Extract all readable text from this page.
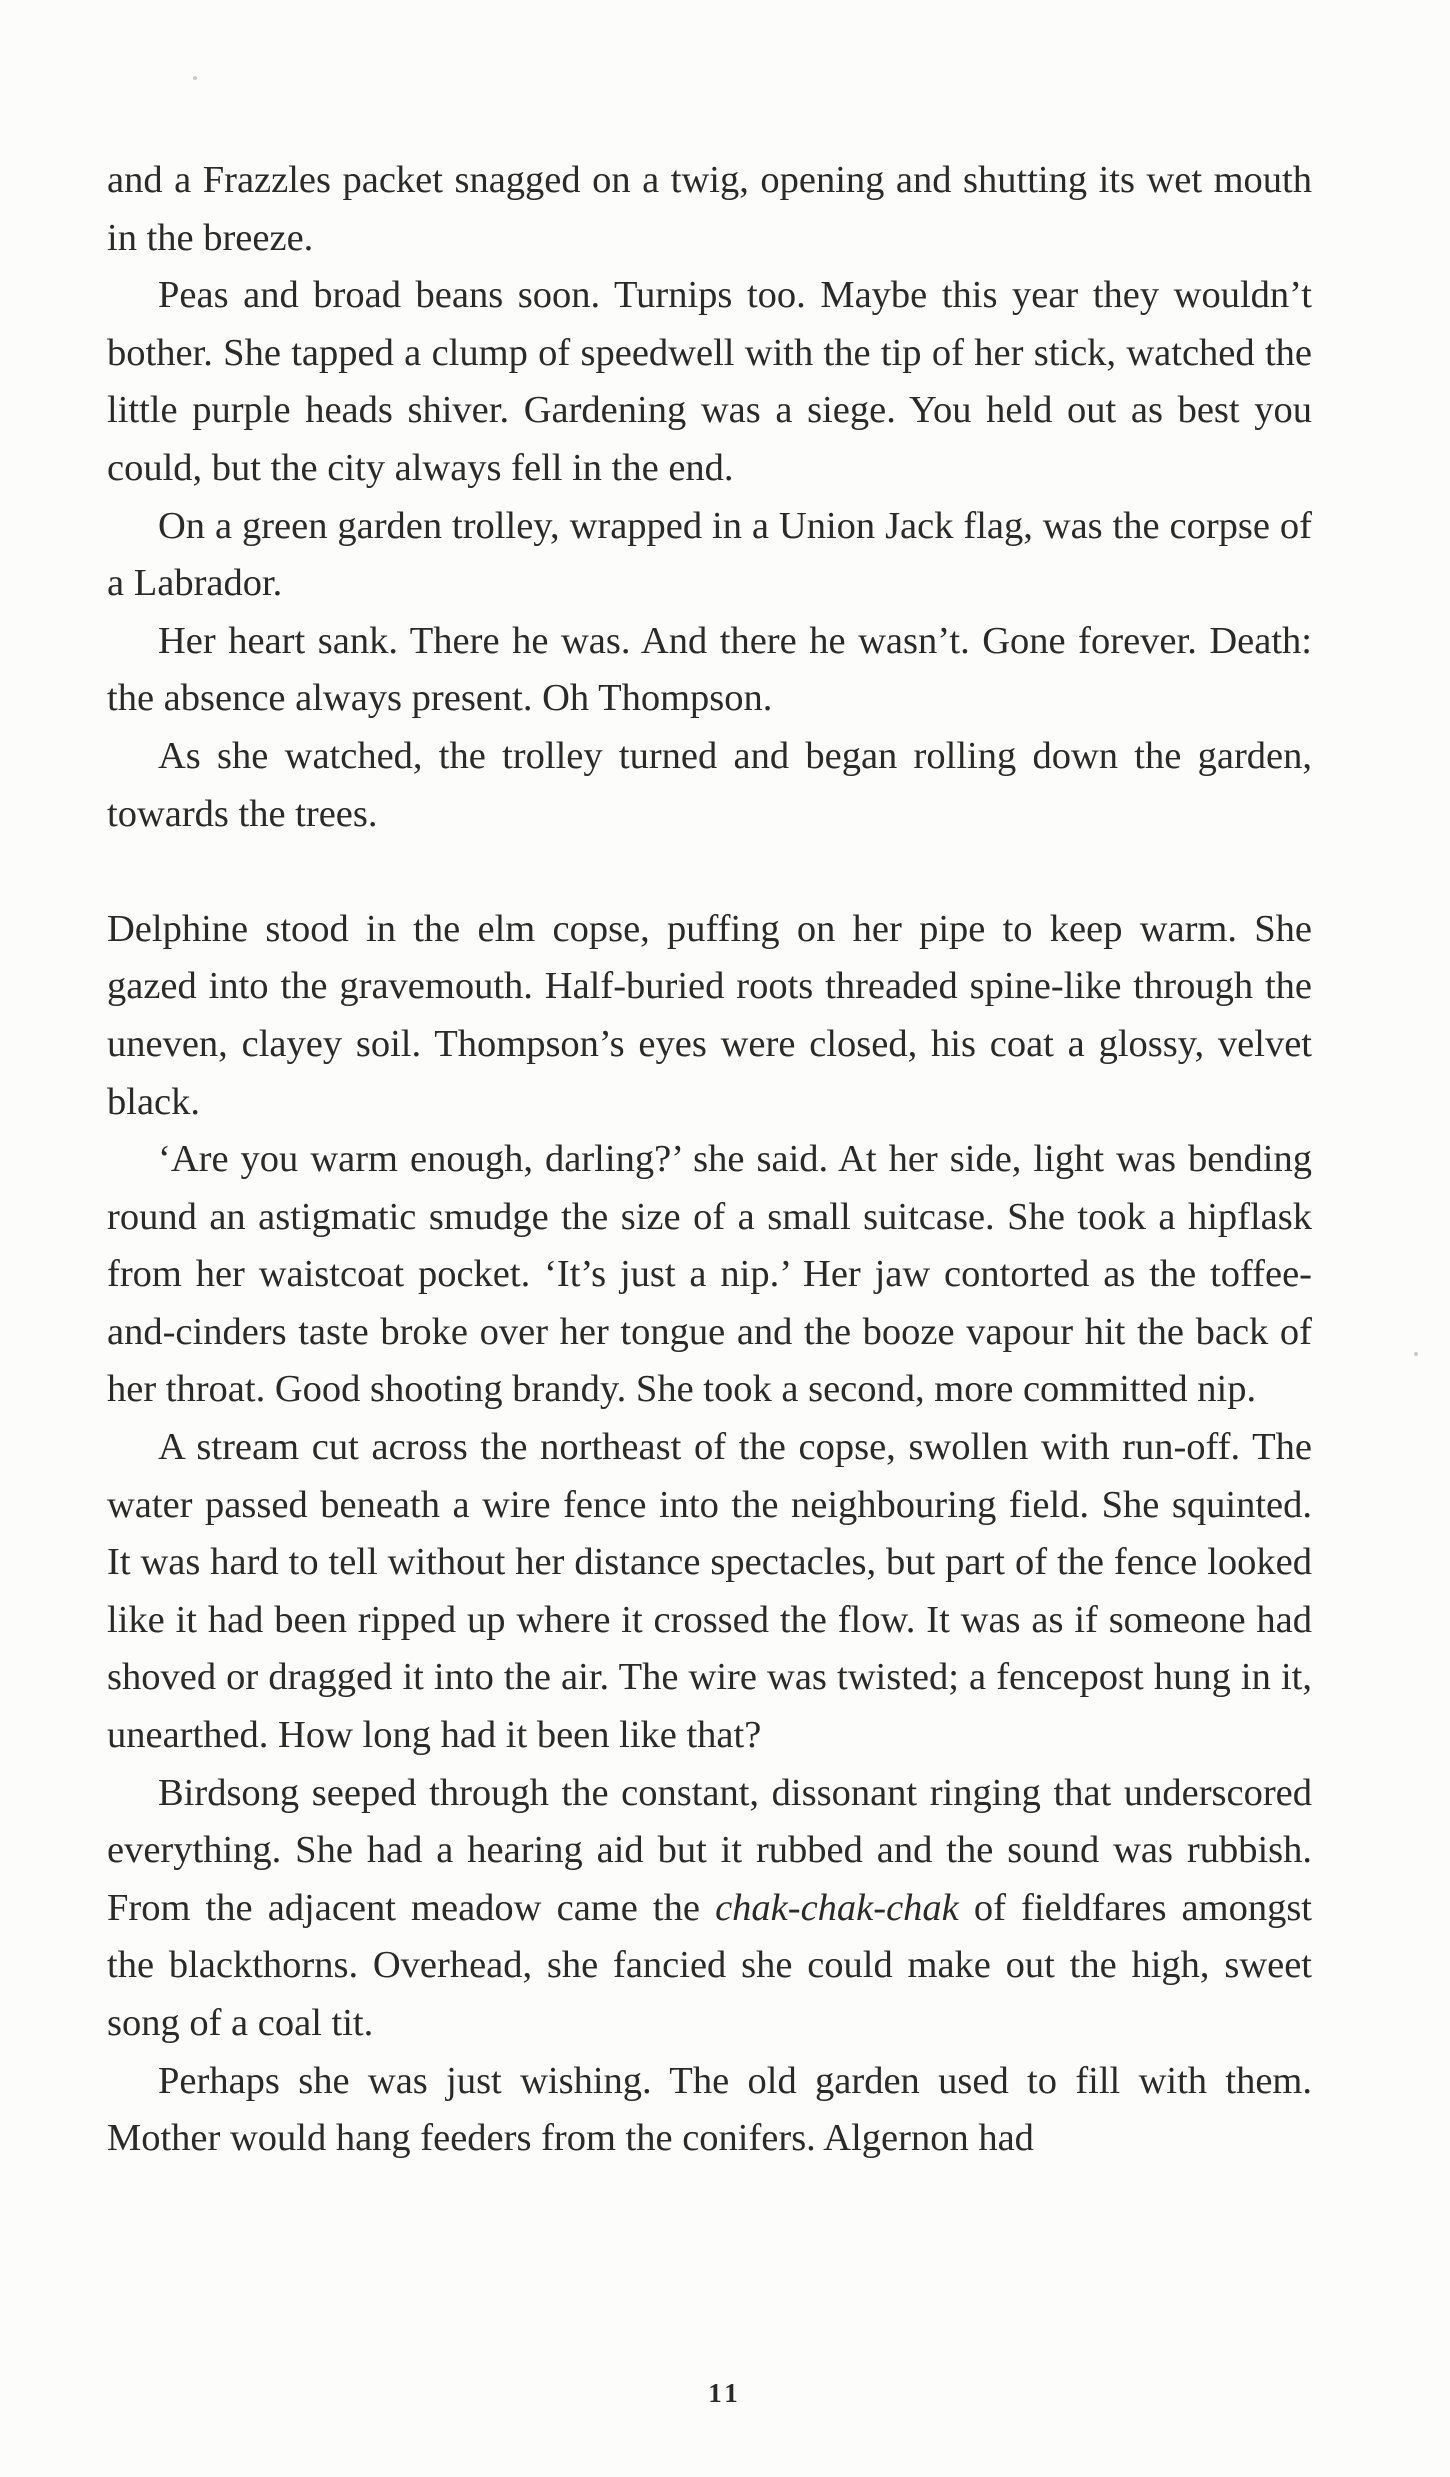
and a Frazzles packet snagged on a twig, opening and shutting its wet mouth in the breeze.

Peas and broad beans soon. Turnips too. Maybe this year they wouldn’t bother. She tapped a clump of speedwell with the tip of her stick, watched the little purple heads shiver. Gardening was a siege. You held out as best you could, but the city always fell in the end.

On a green garden trolley, wrapped in a Union Jack flag, was the corpse of a Labrador.

Her heart sank. There he was. And there he wasn’t. Gone forever. Death: the absence always present. Oh Thompson.

As she watched, the trolley turned and began rolling down the garden, towards the trees.

Delphine stood in the elm copse, puffing on her pipe to keep warm. She gazed into the gravemouth. Half-buried roots threaded spine-like through the uneven, clayey soil. Thompson’s eyes were closed, his coat a glossy, velvet black.

‘Are you warm enough, darling?’ she said. At her side, light was bending round an astigmatic smudge the size of a small suitcase. She took a hipflask from her waistcoat pocket. ‘It’s just a nip.’ Her jaw contorted as the toffee-and-cinders taste broke over her tongue and the booze vapour hit the back of her throat. Good shooting brandy. She took a second, more committed nip.

A stream cut across the northeast of the copse, swollen with run-off. The water passed beneath a wire fence into the neighbouring field. She squinted. It was hard to tell without her distance spectacles, but part of the fence looked like it had been ripped up where it crossed the flow. It was as if someone had shoved or dragged it into the air. The wire was twisted; a fencepost hung in it, unearthed. How long had it been like that?

Birdsong seeped through the constant, dissonant ringing that underscored everything. She had a hearing aid but it rubbed and the sound was rubbish. From the adjacent meadow came the chak-chak-chak of fieldfares amongst the blackthorns. Overhead, she fancied she could make out the high, sweet song of a coal tit.

Perhaps she was just wishing. The old garden used to fill with them. Mother would hang feeders from the conifers. Algernon had

11
